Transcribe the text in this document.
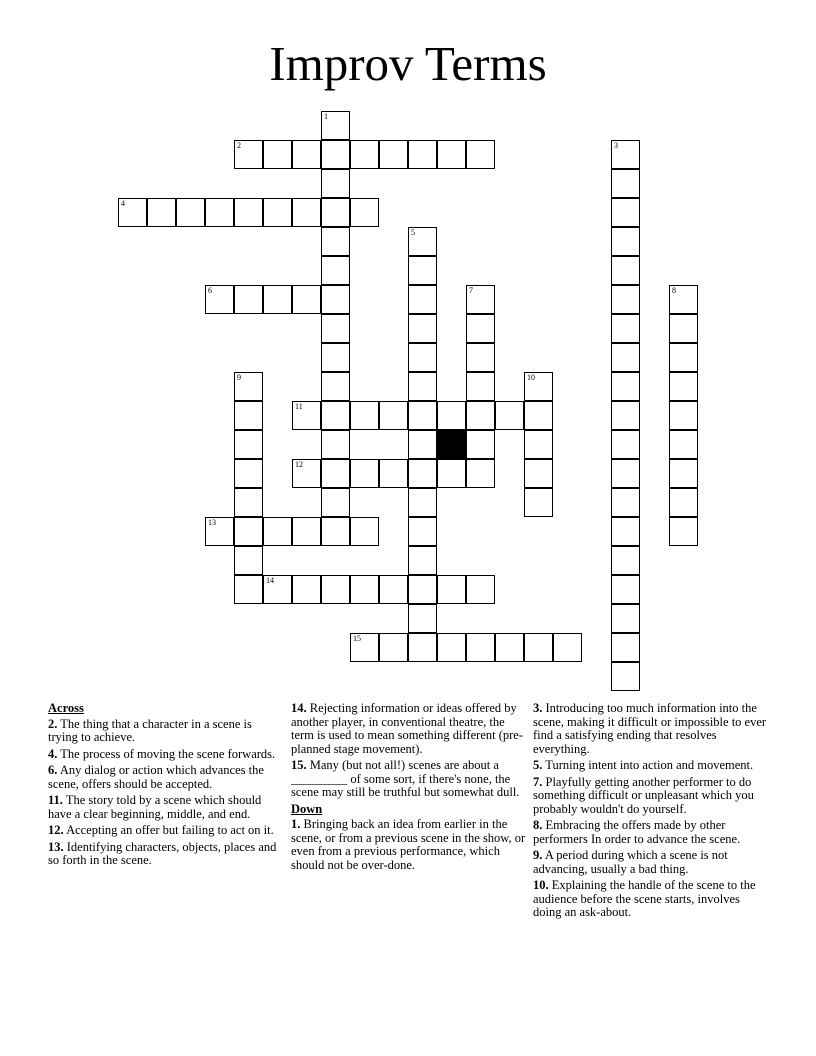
Improv Terms
2
4
6
11
12
13
14
15
1
3
5
7	8
9	10
Across
2. The thing that a character in a scene is trying to achieve.
4. The process of moving the scene forwards.
6. Any dialog or action which advances the scene, offers should be accepted.
11. The story told by a scene which should have a clear beginning, middle, and end.
12. Accepting an offer but failing to act on it.
13. Identifying characters, objects, places and so forth in the scene.
14. Rejecting information or ideas offered by another player, in conventional theatre, the term is used to mean something different (pre-planned stage movement).
15. Many (but not all!) scenes are about a _________ of some sort, if there's none, the scene may still be truthful but somewhat dull.
Down
1. Bringing back an idea from earlier in the scene, or from a previous scene in the show, or even from a previous performance, which should not be over-done.
3. Introducing too much information into the scene, making it difficult or impossible to ever find a satisfying ending that resolves everything.
5. Turning intent into action and movement.
7. Playfully getting another performer to do something difficult or unpleasant which you probably wouldn't do yourself.
8. Embracing the offers made by other performers In order to advance the scene.
9. A period during which a scene is not advancing, usually a bad thing.
10. Explaining the handle of the scene to the audience before the scene starts, involves doing an ask-about.
